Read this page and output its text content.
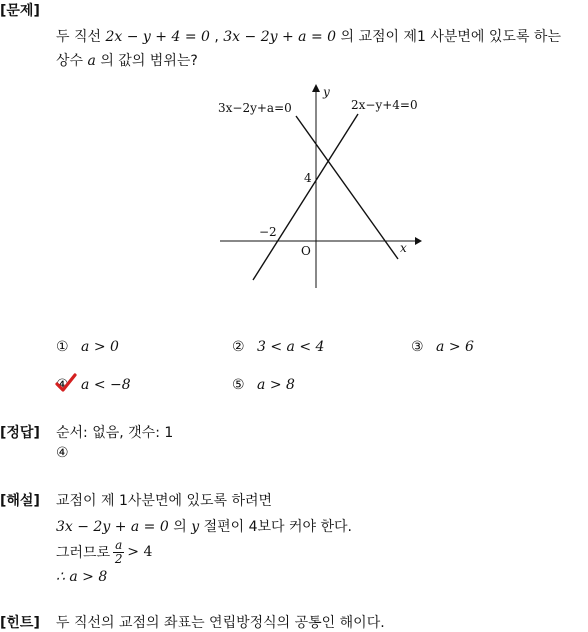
[문제]
두 직선 2x − y + 4 = 0 , 3x − 2y + a = 0 의 교점이 제1 사분면에 있도록 하는
상수 a 의 값의 범위는?
y
x
O
3x−2y+a=0	2x−y+4=0
4
−2
① a > 0	② 3 < a < 4	③ a > 6
④ a < −8	⑤ a > 8
[정답] 순서: 없음, 갯수: 1
④
[해설] 교점이 제 1사분면에 있도록 하려면
3x − 2y + a = 0 의 y 절편이 4보다 커야 한다.
그러므로 $\frac{a}{2} > 4$
∴ a > 8
[힌트] 두 직선의 교점의 좌표는 연립방정식의 공통인 해이다.
